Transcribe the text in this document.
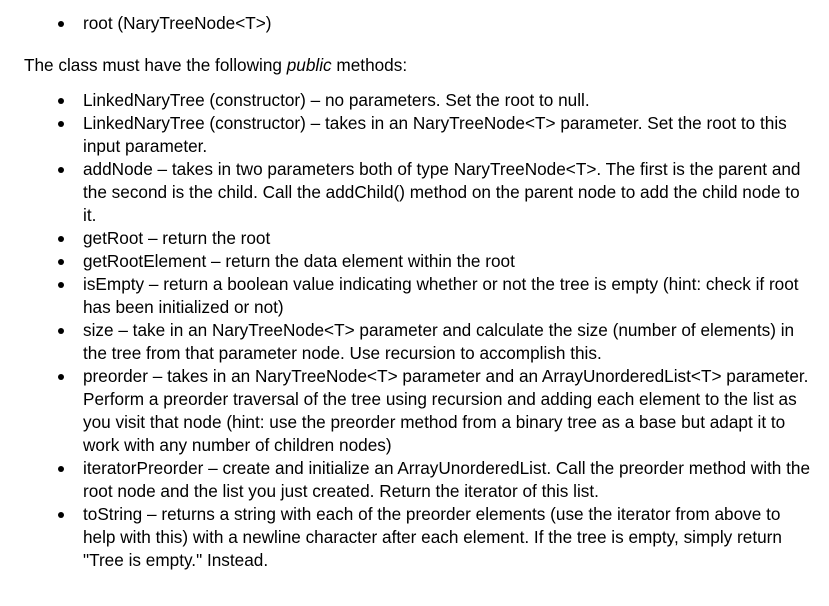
root (NaryTreeNode<T>)

The class must have the following public methods:

LinkedNaryTree (constructor) – no parameters. Set the root to null.
LinkedNaryTree (constructor) – takes in an NaryTreeNode<T> parameter. Set the root to this input parameter.
addNode – takes in two parameters both of type NaryTreeNode<T>. The first is the parent and the second is the child. Call the addChild() method on the parent node to add the child node to it.
getRoot – return the root
getRootElement – return the data element within the root
isEmpty – return a boolean value indicating whether or not the tree is empty (hint: check if root has been initialized or not)
size – take in an NaryTreeNode<T> parameter and calculate the size (number of elements) in the tree from that parameter node. Use recursion to accomplish this.
preorder – takes in an NaryTreeNode<T> parameter and an ArrayUnorderedList<T> parameter. Perform a preorder traversal of the tree using recursion and adding each element to the list as you visit that node (hint: use the preorder method from a binary tree as a base but adapt it to work with any number of children nodes)
iteratorPreorder – create and initialize an ArrayUnorderedList. Call the preorder method with the root node and the list you just created. Return the iterator of this list.
toString – returns a string with each of the preorder elements (use the iterator from above to help with this) with a newline character after each element. If the tree is empty, simply return "Tree is empty." Instead.
